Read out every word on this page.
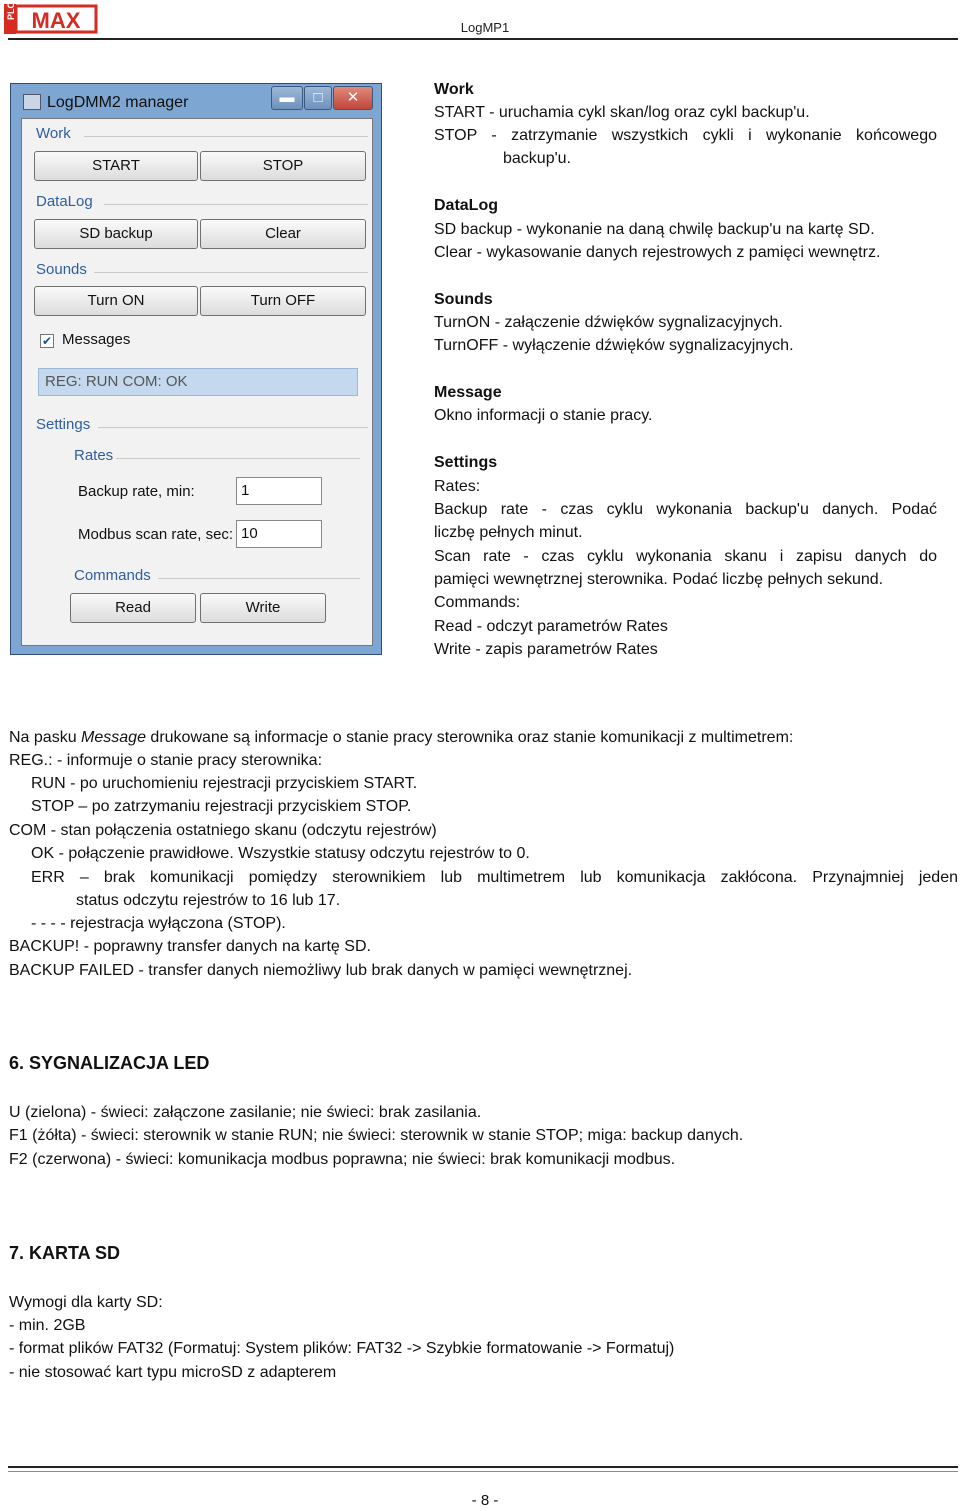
PLC MAX	LogMP1
LogDMM2 manager	▬	□	✕
Work
START	STOP
DataLog
SD backup	Clear
Sounds
Turn ON	Turn OFF
✔ Messages
REG: RUN COM: OK
Settings
Rates
Backup rate, min:	1
Modbus scan rate, sec: 10
Commands
Read	Write
Work
START - uruchamia cykl skan/log oraz cykl backup'u.
STOP - zatrzymanie wszystkich cykli i wykonanie końcowego
backup'u.
DataLog
SD backup - wykonanie na daną chwilę backup'u na kartę SD.
Clear - wykasowanie danych rejestrowych z pamięci wewnętrz.
Sounds
TurnON - załączenie dźwięków sygnalizacyjnych.
TurnOFF - wyłączenie dźwięków sygnalizacyjnych.
Message
Okno informacji o stanie pracy.
Settings
Rates:
Backup rate - czas cyklu wykonania backup'u danych. Podać
liczbę pełnych minut.
Scan rate - czas cyklu wykonania skanu i zapisu danych do
pamięci wewnętrznej sterownika. Podać liczbę pełnych sekund.
Commands:
Read - odczyt parametrów Rates
Write - zapis parametrów Rates
Na pasku Message drukowane są informacje o stanie pracy sterownika oraz stanie komunikacji z multimetrem:
REG.: - informuje o stanie pracy sterownika:
RUN - po uruchomieniu rejestracji przyciskiem START.
STOP – po zatrzymaniu rejestracji przyciskiem STOP.
COM - stan połączenia ostatniego skanu (odczytu rejestrów)
OK - połączenie prawidłowe. Wszystkie statusy odczytu rejestrów to 0.
ERR – brak komunikacji pomiędzy sterownikiem lub multimetrem lub komunikacja zakłócona. Przynajmniej jeden
status odczytu rejestrów to 16 lub 17.
- - - - rejestracja wyłączona (STOP).
BACKUP! - poprawny transfer danych na kartę SD.
BACKUP FAILED - transfer danych niemożliwy lub brak danych w pamięci wewnętrznej.
6. SYGNALIZACJA LED
U (zielona) - świeci: załączone zasilanie; nie świeci: brak zasilania.
F1 (żółta) - świeci: sterownik w stanie RUN; nie świeci: sterownik w stanie STOP; miga: backup danych.
F2 (czerwona) - świeci: komunikacja modbus poprawna; nie świeci: brak komunikacji modbus.
7. KARTA SD
Wymogi dla karty SD:
- min. 2GB
- format plików FAT32 (Formatuj: System plików: FAT32 -> Szybkie formatowanie -> Formatuj)
- nie stosować kart typu microSD z adapterem
- 8 -
